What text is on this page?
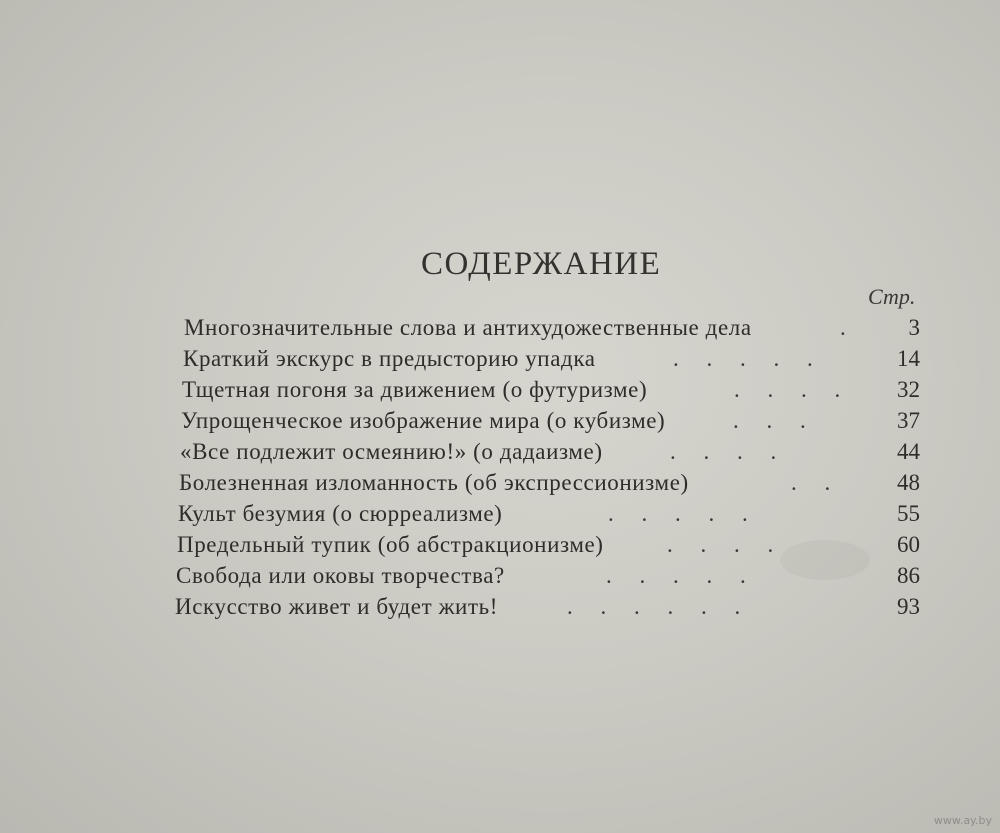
СОДЕРЖАНИЕ
Стр.
Многозначительные слова и антихудожественные дела	.	3
Краткий экскурс в предысторию упадка	. . . . .	14
Тщетная погоня за движением (о футуризме)	. . . . 32
Упрощенческое изображение мира (о кубизме)	. . .	37
«Все подлежит осмеянию!» (о дадаизме)	. . . .	44
Болезненная изломанность (об экспрессионизме)	. .	48
Культ безумия (о сюрреализме)	. . . . .	55
Предельный тупик (об абстракционизме)	. . . .	60
Свобода или оковы творчества?	. . . . .	86
Искусство живет и будет жить!	. . . . . .	93
www.ay.by
